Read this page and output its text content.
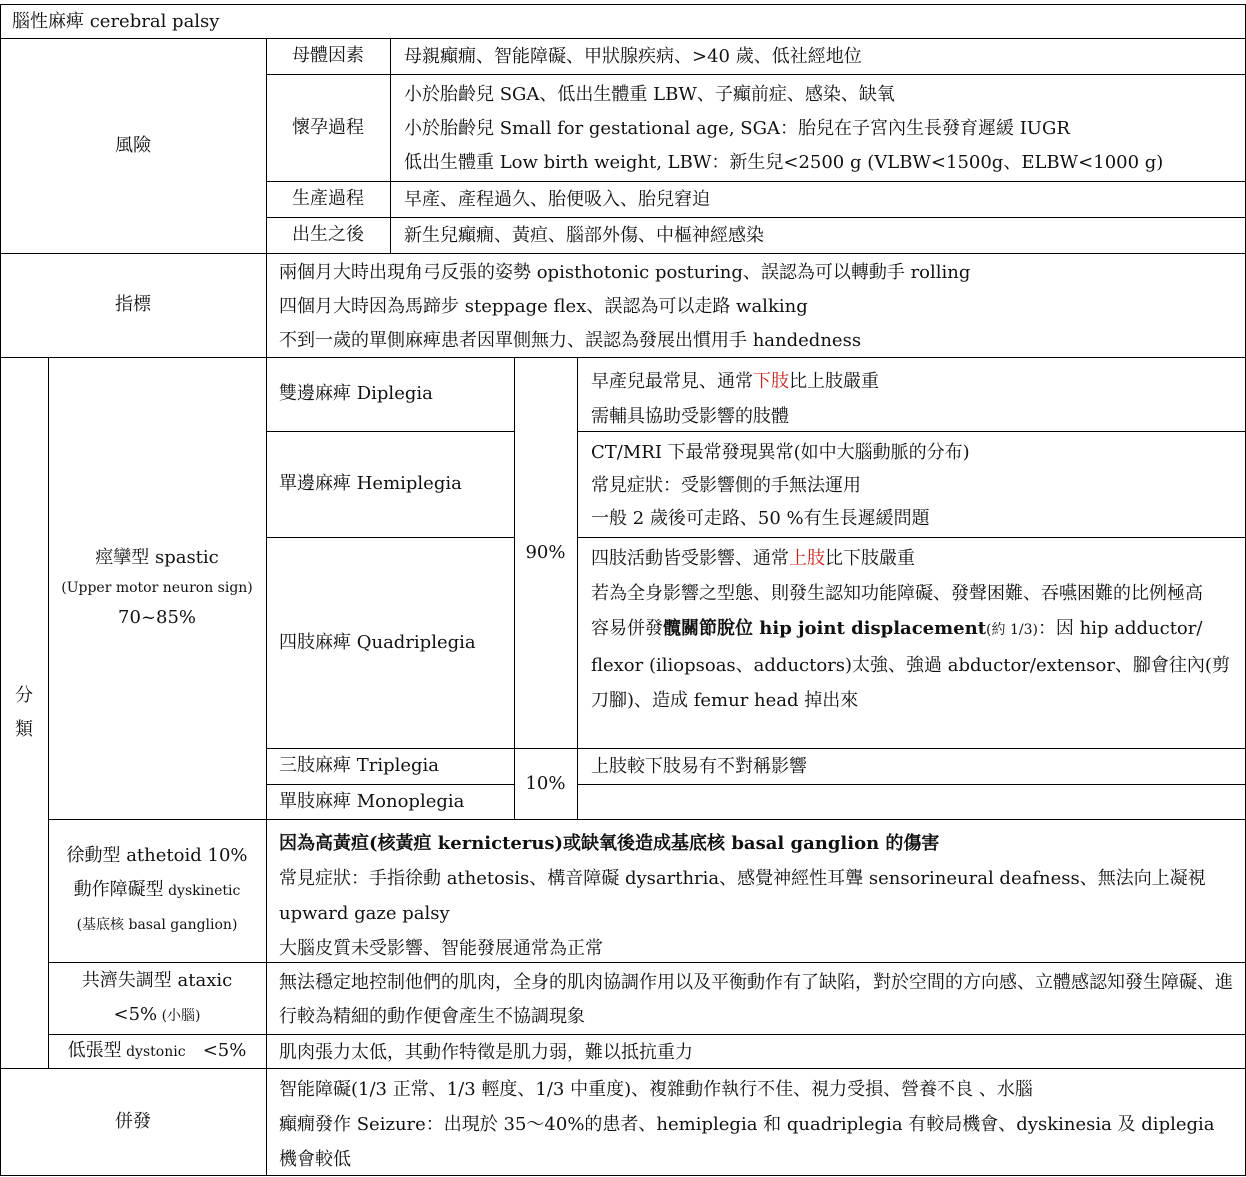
腦性麻痺 cerebral palsy
風險
母體因素 母親癲癇、智能障礙、甲狀腺疾病、>40 歲、低社經地位
懷孕過程
小於胎齡兒 SGA、低出生體重 LBW、子癲前症、感染、缺氧
小於胎齡兒 Small for gestational age, SGA：胎兒在子宮內生長發育遲緩 IUGR
低出生體重 Low birth weight, LBW：新生兒<2500 g (VLBW<1500g、ELBW<1000 g)
生產過程 早產、產程過久、胎便吸入、胎兒窘迫
出生之後 新生兒癲癇、黃疸、腦部外傷、中樞神經感染
指標
兩個月大時出現角弓反張的姿勢 opisthotonic posturing、誤認為可以轉動手 rolling
四個月大時因為馬蹄步 steppage flex、誤認為可以走路 walking
不到一歲的單側麻痺患者因單側無力、誤認為發展出慣用手 handedness
分
類
痙攣型 spastic
(Upper motor neuron sign)
70~85%
90%
10%
雙邊麻痺 Diplegia
早產兒最常見、通常下肢比上肢嚴重
需輔具協助受影響的肢體
單邊麻痺 Hemiplegia
CT/MRI 下最常發現異常(如中大腦動脈的分布)
常見症狀：受影響側的手無法運用
一般 2 歲後可走路、50 %有生長遲緩問題
四肢麻痺 Quadriplegia
四肢活動皆受影響、通常上肢比下肢嚴重
若為全身影響之型態、則發生認知功能障礙、發聲困難、吞嚥困難的比例極高
容易併發髖關節脫位 hip joint displacement(約 1/3)：因 hip adductor/ flexor (iliopsoas、adductors)太強、強過 abductor/extensor、腳會往內(剪刀腳)、造成 femur head 掉出來
三肢麻痺 Triplegia	上肢較下肢易有不對稱影響
單肢麻痺 Monoplegia
徐動型 athetoid 10%
動作障礙型 dyskinetic
(基底核 basal ganglion)
因為高黃疸(核黃疸 kernicterus)或缺氧後造成基底核 basal ganglion 的傷害
常見症狀：手指徐動 athetosis、構音障礙 dysarthria、感覺神經性耳聾 sensorineural deafness、無法向上凝視 upward gaze palsy
大腦皮質未受影響、智能發展通常為正常
共濟失調型 ataxic
<5% (小腦)
無法穩定地控制他們的肌肉，全身的肌肉協調作用以及平衡動作有了缺陷，對於空間的方向感、立體感認知發生障礙、進行較為精細的動作便會產生不協調現象
低張型 dystonic   <5% 肌肉張力太低，其動作特徵是肌力弱，難以抵抗重力
併發
智能障礙(1/3 正常、1/3 輕度、1/3 中重度)、複雜動作執行不佳、視力受損、營養不良 、水腦
癲癇發作 Seizure：出現於 35～40%的患者、hemiplegia 和 quadriplegia 有較局機會、dyskinesia 及 diplegia 機會較低
